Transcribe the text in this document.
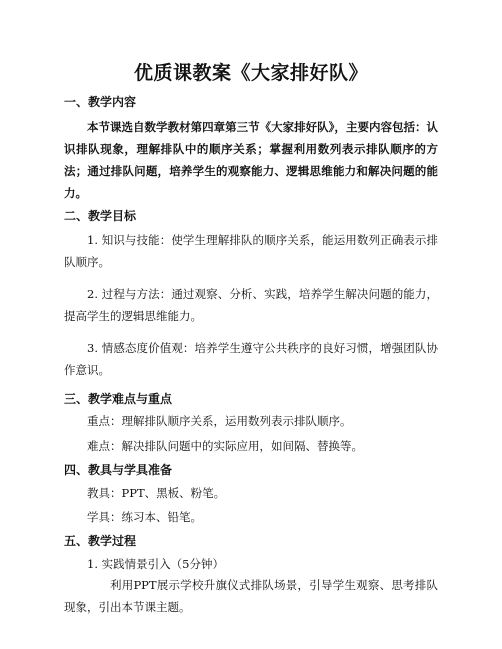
优质课教案《大家排好队》
一、教学内容
本节课选自数学教材第四章第三节《大家排好队》，主要内容包括：认识排队现象，理解排队中的顺序关系；掌握利用数列表示排队顺序的方法；通过排队问题，培养学生的观察能力、逻辑思维能力和解决问题的能力。
二、教学目标
1. 知识与技能：使学生理解排队的顺序关系，能运用数列正确表示排队顺序。
2. 过程与方法：通过观察、分析、实践，培养学生解决问题的能力，提高学生的逻辑思维能力。
3. 情感态度价值观：培养学生遵守公共秩序的良好习惯，增强团队协作意识。
三、教学难点与重点
重点：理解排队顺序关系，运用数列表示排队顺序。
难点：解决排队问题中的实际应用，如间隔、替换等。
四、教具与学具准备
教具：PPT、黑板、粉笔。
学具：练习本、铅笔。
五、教学过程
1. 实践情景引入（5分钟）
利用PPT展示学校升旗仪式排队场景，引导学生观察、思考排队现象，引出本节课主题。
